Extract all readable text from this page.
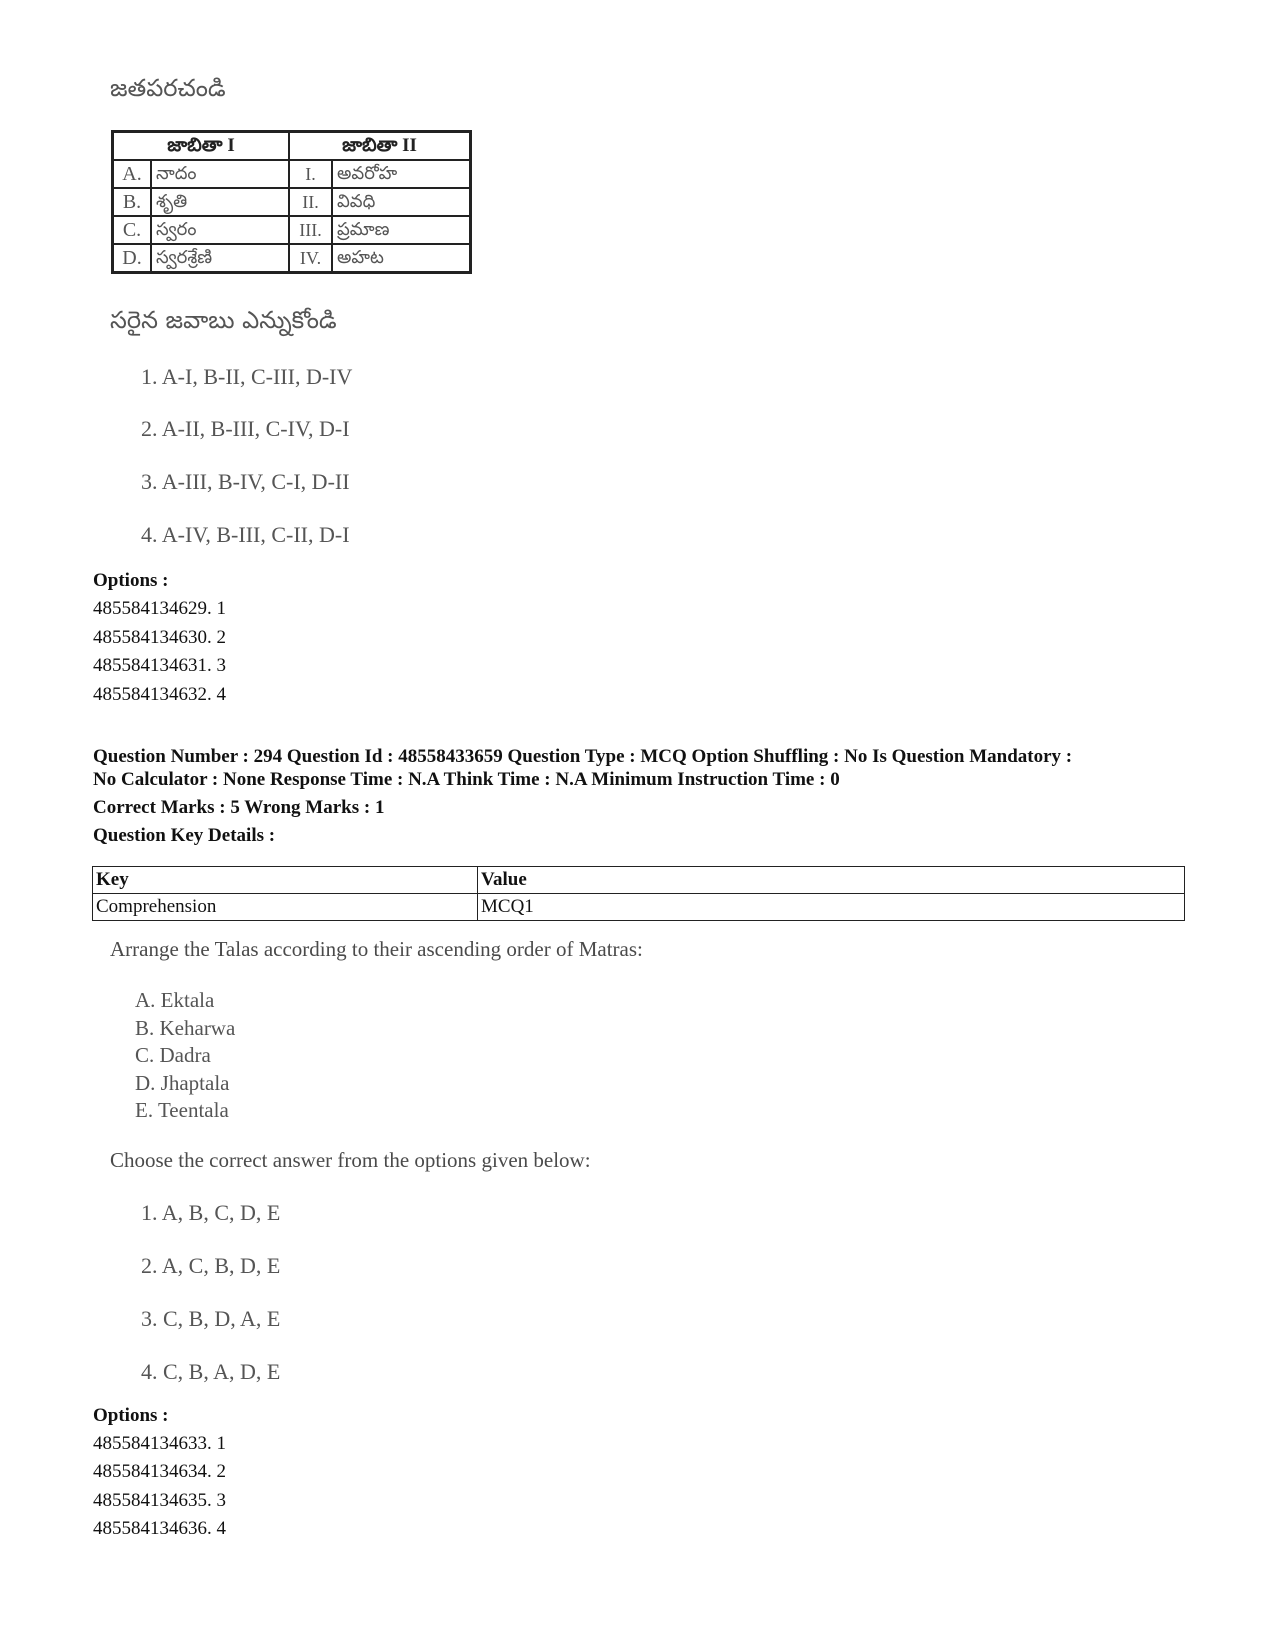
జతపరచండి
జాబితా I		జాబితా II	
A.	నాదం	I.	అవరోహ
B.	శృతి	II.	వివధి
C.	స్వరం	III.	ప్రమాణ
D.	స్వరశ్రేణి	IV.	అహట
సరైన జవాబు ఎన్నుకోండి
1. A-I, B-II, C-III, D-IV
2. A-II, B-III, C-IV, D-I
3. A-III, B-IV, C-I, D-II
4. A-IV, B-III, C-II, D-I
Options :
485584134629. 1
485584134630. 2
485584134631. 3
485584134632. 4
Question Number : 294 Question Id : 48558433659 Question Type : MCQ Option Shuffling : No Is Question Mandatory :
No Calculator : None Response Time : N.A Think Time : N.A Minimum Instruction Time : 0
Correct Marks : 5 Wrong Marks : 1
Question Key Details :
Key	Value
Comprehension	MCQ1
Arrange the Talas according to their ascending order of Matras:
A. Ektala
B. Keharwa
C. Dadra
D. Jhaptala
E. Teentala
Choose the correct answer from the options given below:
1. A, B, C, D, E
2. A, C, B, D, E
3. C, B, D, A, E
4. C, B, A, D, E
Options :
485584134633. 1
485584134634. 2
485584134635. 3
485584134636. 4
